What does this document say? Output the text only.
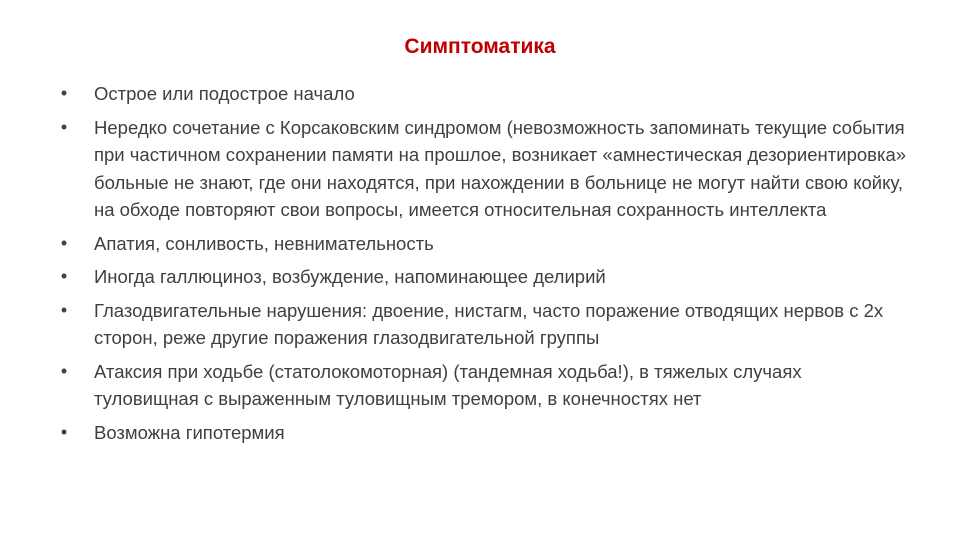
Симптоматика
• Острое или подострое начало
• Нередко сочетание с Корсаковским синдромом (невозможность запоминать текущие события при частичном сохранении памяти на прошлое, возникает «амнестическая дезориентировка» больные не знают, где они находятся, при нахождении в больнице не могут найти свою койку, на обходе повторяют свои вопросы, имеется относительная сохранность интеллекта
• Апатия, сонливость, невнимательность
• Иногда галлюциноз, возбуждение, напоминающее делирий
• Глазодвигательные нарушения: двоение, нистагм, часто поражение отводящих нервов с 2х сторон, реже другие поражения глазодвигательной группы
• Атаксия при ходьбе (статолокомоторная) (тандемная ходьба!), в тяжелых случаях туловищная с выраженным туловищным тремором, в конечностях нет
• Возможна гипотермия
